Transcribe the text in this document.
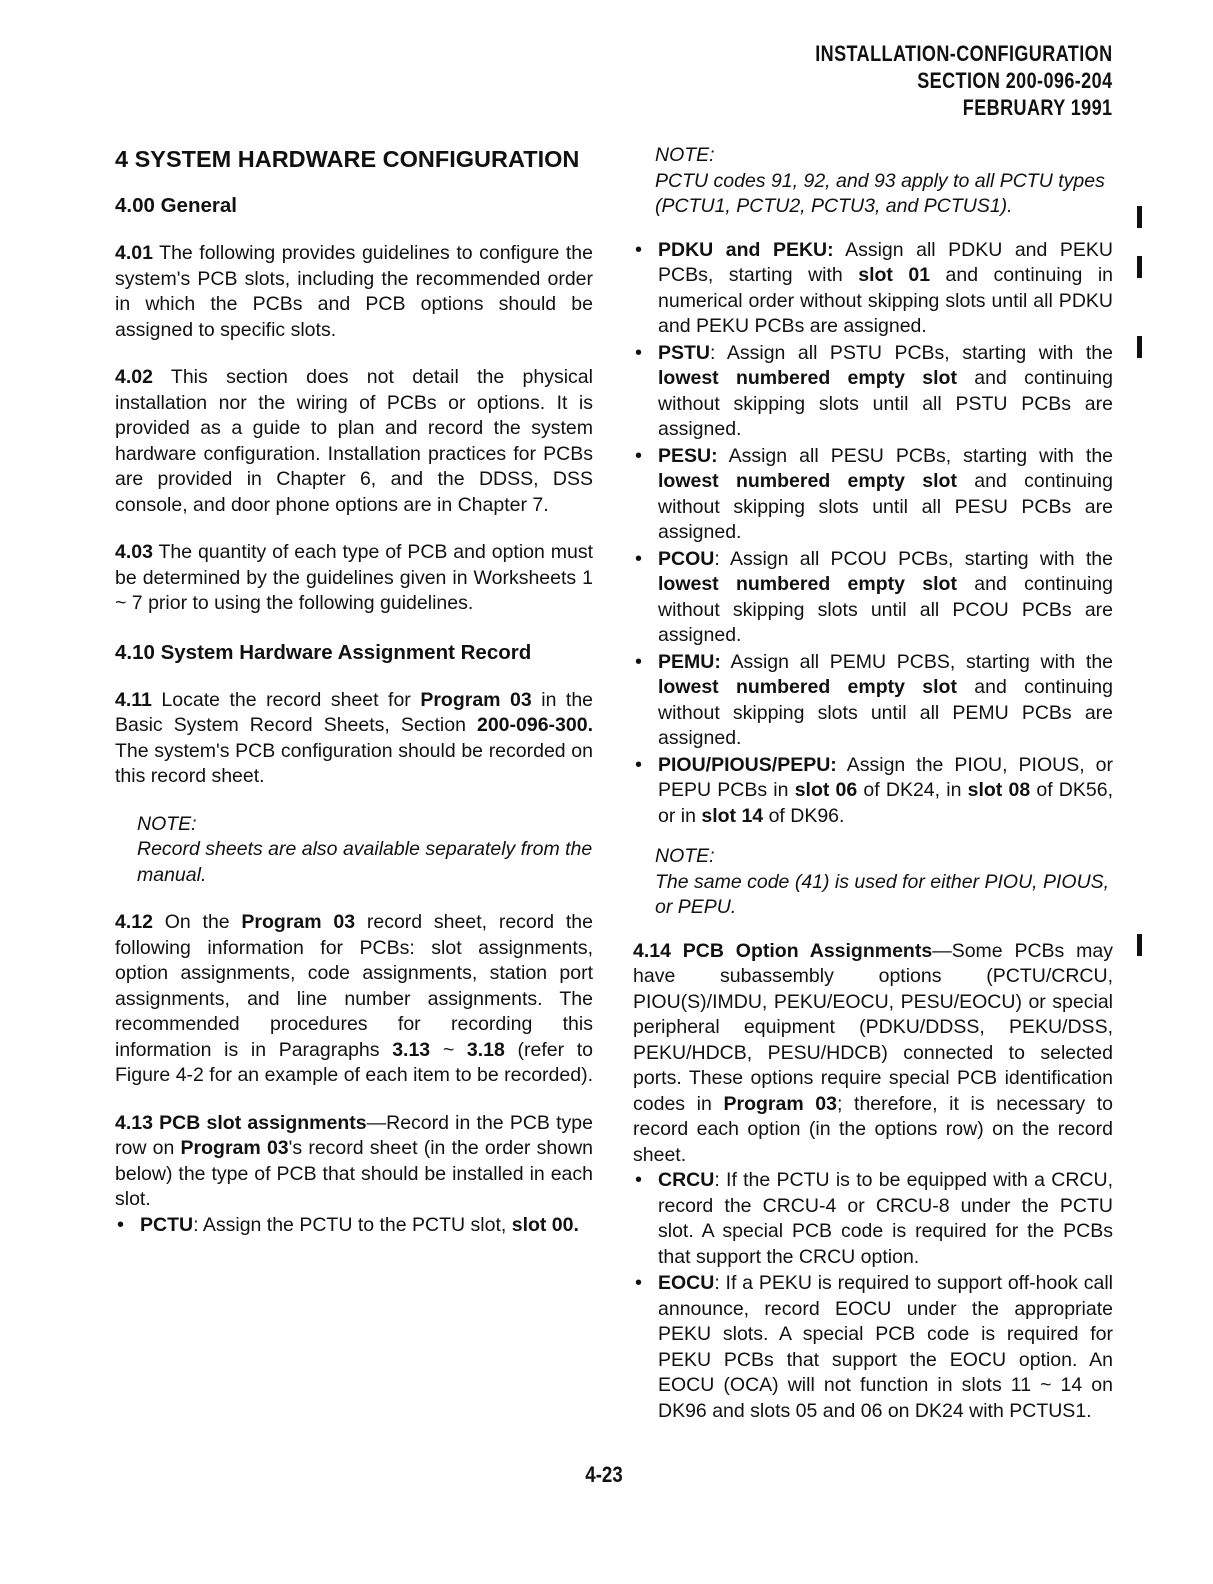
INSTALLATION-CONFIGURATION
SECTION 200-096-204
FEBRUARY 1991
4 SYSTEM HARDWARE CONFIGURATION
4.00 General

4.01 The following provides guidelines to configure the system's PCB slots, including the recommended order in which the PCBs and PCB options should be assigned to specific slots.

4.02 This section does not detail the physical installation nor the wiring of PCBs or options. It is provided as a guide to plan and record the system hardware configuration. Installation practices for PCBs are provided in Chapter 6, and the DDSS, DSS console, and door phone options are in Chapter 7.

4.03 The quantity of each type of PCB and option must be determined by the guidelines given in Worksheets 1 ~ 7 prior to using the following guidelines.

4.10 System Hardware Assignment Record

4.11 Locate the record sheet for Program 03 in the Basic System Record Sheets, Section 200-096-300. The system's PCB configuration should be recorded on this record sheet.

NOTE:
Record sheets are also available separately from the manual.

4.12 On the Program 03 record sheet, record the following information for PCBs: slot assignments, option assignments, code assignments, station port assignments, and line number assignments. The recommended procedures for recording this information is in Paragraphs 3.13 ~ 3.18 (refer to Figure 4-2 for an example of each item to be recorded).

4.13 PCB slot assignments—Record in the PCB type row on Program 03's record sheet (in the order shown below) the type of PCB that should be installed in each slot.

• PCTU: Assign the PCTU to the PCTU slot, slot 00.
NOTE:
PCTU codes 91, 92, and 93 apply to all PCTU types (PCTU1, PCTU2, PCTU3, and PCTUS1).
• PDKU and PEKU: Assign all PDKU and PEKU PCBs, starting with slot 01 and continuing in numerical order without skipping slots until all PDKU and PEKU PCBs are assigned.
• PSTU: Assign all PSTU PCBs, starting with the lowest numbered empty slot and continuing without skipping slots until all PSTU PCBs are assigned.
• PESU: Assign all PESU PCBs, starting with the lowest numbered empty slot and continuing without skipping slots until all PESU PCBs are assigned.
• PCOU: Assign all PCOU PCBs, starting with the lowest numbered empty slot and continuing without skipping slots until all PCOU PCBs are assigned.
• PEMU: Assign all PEMU PCBS, starting with the lowest numbered empty slot and continuing without skipping slots until all PEMU PCBs are assigned.
• PIOU/PIOUS/PEPU: Assign the PIOU, PIOUS, or PEPU PCBs in slot 06 of DK24, in slot 08 of DK56, or in slot 14 of DK96.
NOTE:
The same code (41) is used for either PIOU, PIOUS, or PEPU.

4.14 PCB Option Assignments—Some PCBs may have subassembly options (PCTU/CRCU, PIOU(S)/IMDU, PEKU/EOCU, PESU/EOCU) or special peripheral equipment (PDKU/DDSS, PEKU/DSS, PEKU/HDCB, PESU/HDCB) connected to selected ports. These options require special PCB identification codes in Program 03; therefore, it is necessary to record each option (in the options row) on the record sheet.

• CRCU: If the PCTU is to be equipped with a CRCU, record the CRCU-4 or CRCU-8 under the PCTU slot. A special PCB code is required for the PCBs that support the CRCU option.
• EOCU: If a PEKU is required to support off-hook call announce, record EOCU under the appropriate PEKU slots. A special PCB code is required for PEKU PCBs that support the EOCU option. An EOCU (OCA) will not function in slots 11 ~ 14 on DK96 and slots 05 and 06 on DK24 with PCTUS1.
4-23
